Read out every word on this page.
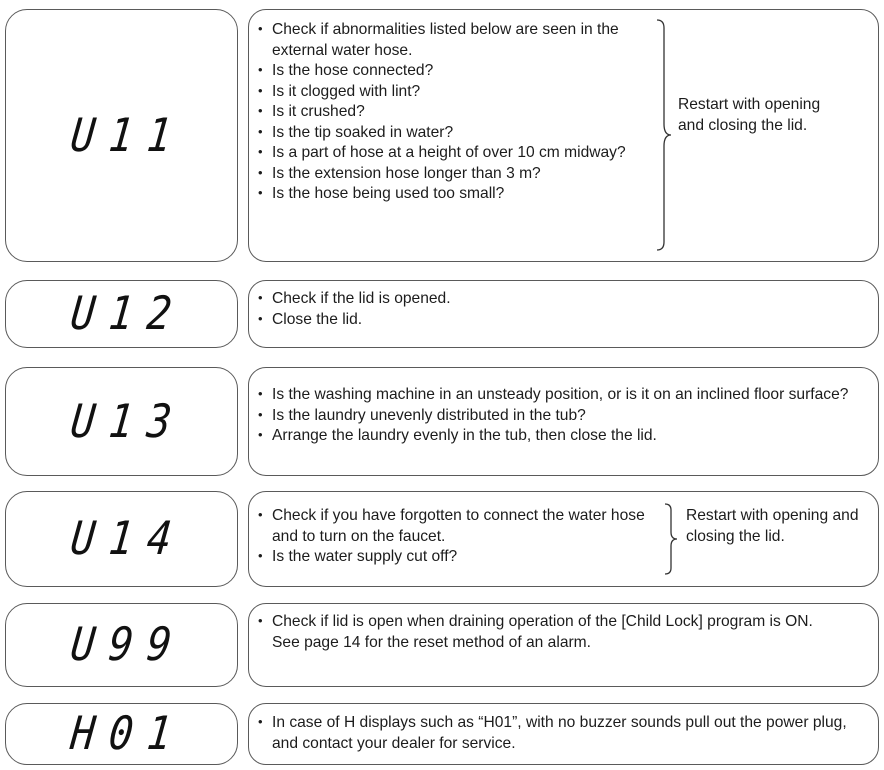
U11
• Check if abnormalities listed below are seen in the external water hose.
• Is the hose connected?
• Is it clogged with lint?
• Is it crushed?
• Is the tip soaked in water?
• Is a part of hose at a height of over 10 cm midway?
• Is the extension hose longer than 3 m?
• Is the hose being used too small?
Restart with opening and closing the lid.
U12	• Check if the lid is opened.
• Close the lid.
U13
• Is the washing machine in an unsteady position, or is it on an inclined floor surface?
• Is the laundry unevenly distributed in the tub?
• Arrange the laundry evenly in the tub, then close the lid.
U14	• Check if you have forgotten to connect the water hose and to turn on the faucet.
• Is the water supply cut off?
Restart with opening and closing the lid.
U99	• Check if lid is open when draining operation of the [Child Lock] program is ON.
See page 14 for the reset method of an alarm.
H01	• In case of H displays such as “H01”, with no buzzer sounds pull out the power plug, and contact your dealer for service.
